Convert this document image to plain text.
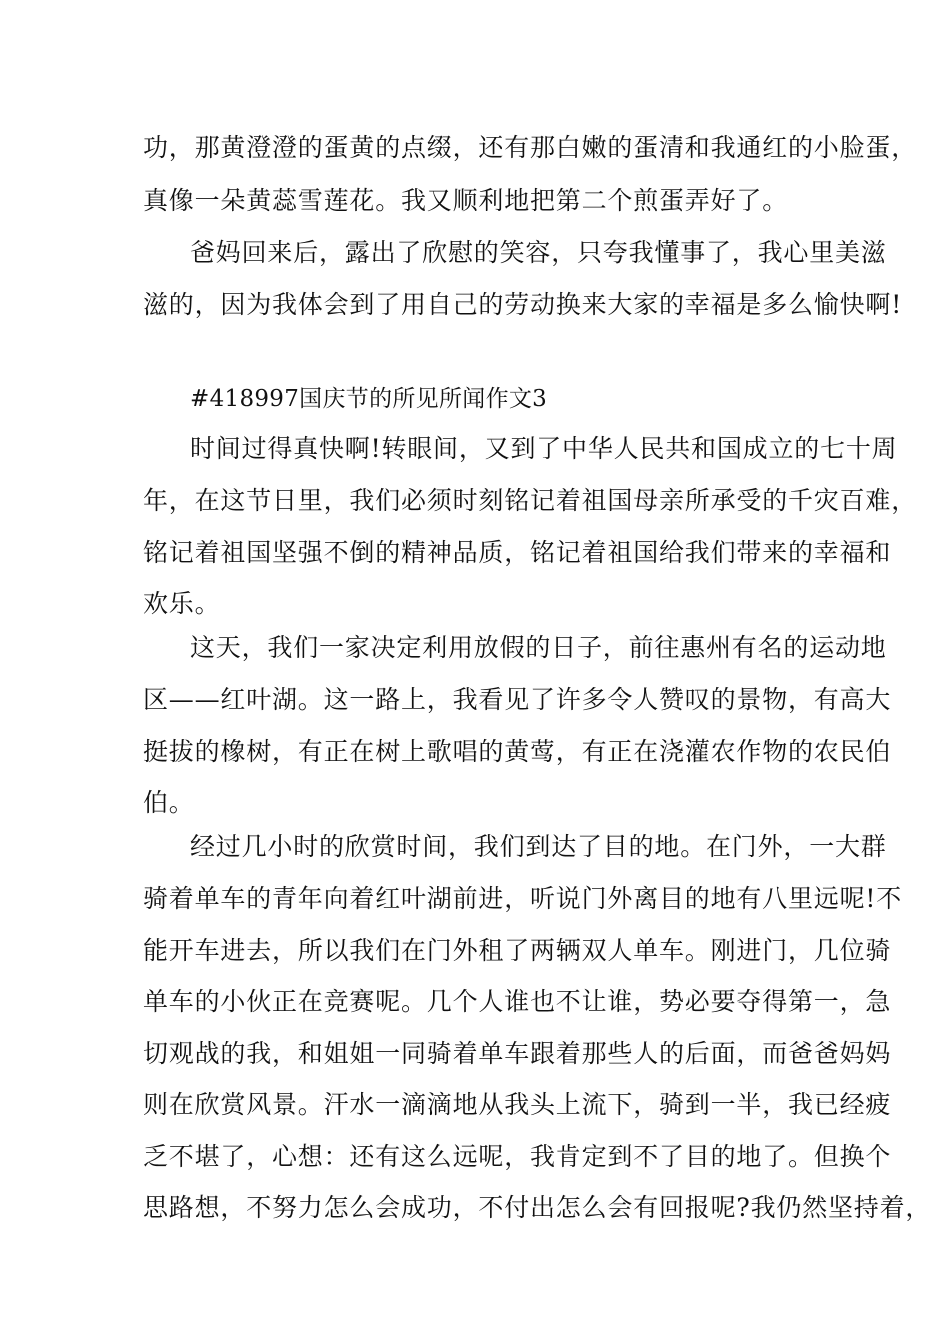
功，那黄澄澄的蛋黄的点缀，还有那白嫩的蛋清和我通红的小脸蛋，
真像一朵黄蕊雪莲花。我又顺利地把第二个煎蛋弄好了。
爸妈回来后，露出了欣慰的笑容，只夸我懂事了，我心里美滋
滋的，因为我体会到了用自己的劳动换来大家的幸福是多么愉快啊!
#418997国庆节的所见所闻作文3
时间过得真快啊!转眼间，又到了中华人民共和国成立的七十周
年，在这节日里，我们必须时刻铭记着祖国母亲所承受的千灾百难，
铭记着祖国坚强不倒的精神品质，铭记着祖国给我们带来的幸福和
欢乐。
这天，我们一家决定利用放假的日子，前往惠州有名的运动地
区——红叶湖。这一路上，我看见了许多令人赞叹的景物，有高大
挺拔的橡树，有正在树上歌唱的黄莺，有正在浇灌农作物的农民伯
伯。
经过几小时的欣赏时间，我们到达了目的地。在门外，一大群
骑着单车的青年向着红叶湖前进，听说门外离目的地有八里远呢!不
能开车进去，所以我们在门外租了两辆双人单车。刚进门，几位骑
单车的小伙正在竞赛呢。几个人谁也不让谁，势必要夺得第一，急
切观战的我，和姐姐一同骑着单车跟着那些人的后面，而爸爸妈妈
则在欣赏风景。汗水一滴滴地从我头上流下，骑到一半，我已经疲
乏不堪了，心想：还有这么远呢，我肯定到不了目的地了。但换个
思路想，不努力怎么会成功，不付出怎么会有回报呢?我仍然坚持着，
